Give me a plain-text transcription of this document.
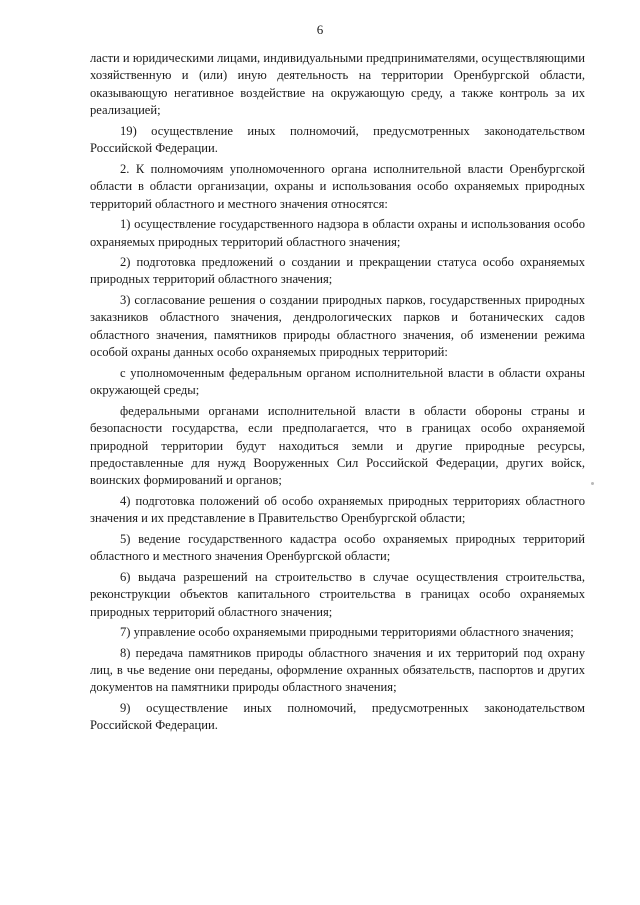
6

ласти и юридическими лицами, индивидуальными предпринимателями, осуществляющими хозяйственную и (или) иную деятельность на территории Оренбургской области, оказывающую негативное воздействие на окружающую среду, а также контроль за их реализацией;

19) осуществление иных полномочий, предусмотренных законодательством Российской Федерации.

2. К полномочиям уполномоченного органа исполнительной власти Оренбургской области в области организации, охраны и использования особо охраняемых природных территорий областного и местного значения относятся:

1) осуществление государственного надзора в области охраны и использования особо охраняемых природных территорий областного значения;

2) подготовка предложений о создании и прекращении статуса особо охраняемых природных территорий областного значения;

3) согласование решения о создании природных парков, государственных природных заказников областного значения, дендрологических парков и ботанических садов областного значения, памятников природы областного значения, об изменении режима особой охраны данных особо охраняемых природных территорий:

с уполномоченным федеральным органом исполнительной власти в области охраны окружающей среды;

федеральными органами исполнительной власти в области обороны страны и безопасности государства, если предполагается, что в границах особо охраняемой природной территории будут находиться земли и другие природные ресурсы, предоставленные для нужд Вооруженных Сил Российской Федерации, других войск, воинских формирований и органов;

4) подготовка положений об особо охраняемых природных территориях областного значения и их представление в Правительство Оренбургской области;

5) ведение государственного кадастра особо охраняемых природных территорий областного и местного значения Оренбургской области;

6) выдача разрешений на строительство в случае осуществления строительства, реконструкции объектов капитального строительства в границах особо охраняемых природных территорий областного значения;

7) управление особо охраняемыми природными территориями областного значения;

8) передача памятников природы областного значения и их территорий под охрану лиц, в чье ведение они переданы, оформление охранных обязательств, паспортов и других документов на памятники природы областного значения;

9) осуществление иных полномочий, предусмотренных законодательством Российской Федерации.
